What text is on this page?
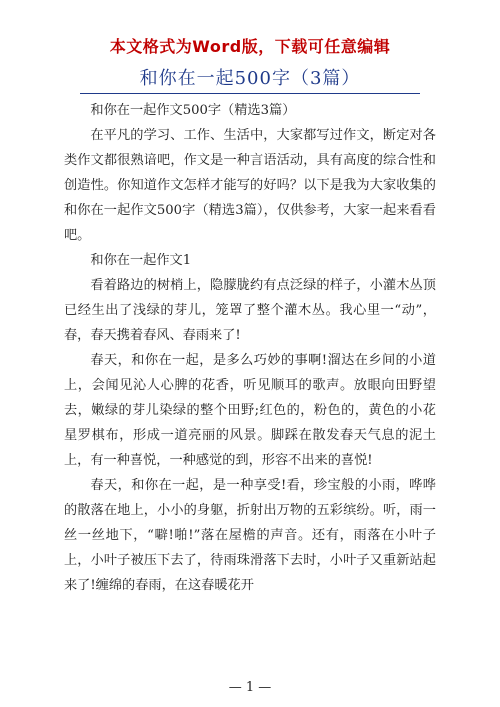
本文格式为Word版，下载可任意编辑
和你在一起500字（3篇）

和你在一起作文500字（精选3篇）

在平凡的学习、工作、生活中，大家都写过作文，断定对各类作文都很熟谙吧，作文是一种言语活动，具有高度的综合性和创造性。你知道作文怎样才能写的好吗？以下是我为大家收集的和你在一起作文500字（精选3篇），仅供参考，大家一起来看看吧。

和你在一起作文1

看着路边的树梢上，隐朦胧约有点泛绿的样子，小灌木丛顶已经生出了浅绿的芽儿，笼罩了整个灌木丛。我心里一“动”，春，春天携着春风、春雨来了!

春天，和你在一起，是多么巧妙的事啊!溜达在乡间的小道上，会闻见沁人心脾的花香，听见顺耳的歌声。放眼向田野望去，嫩绿的芽儿染绿的整个田野;红色的，粉色的，黄色的小花星罗棋布，形成一道亮丽的风景。脚踩在散发春天气息的泥土上，有一种喜悦，一种感觉的到，形容不出来的喜悦!

春天，和你在一起，是一种享受!看，珍宝般的小雨，哗哗的散落在地上，小小的身躯，折射出万物的五彩缤纷。听，雨一丝一丝地下，“噼!啪!”落在屋檐的声音。还有，雨落在小叶子上，小叶子被压下去了，待雨珠滑落下去时，小叶子又重新站起来了!缠绵的春雨，在这春暖花开

— 1 —
